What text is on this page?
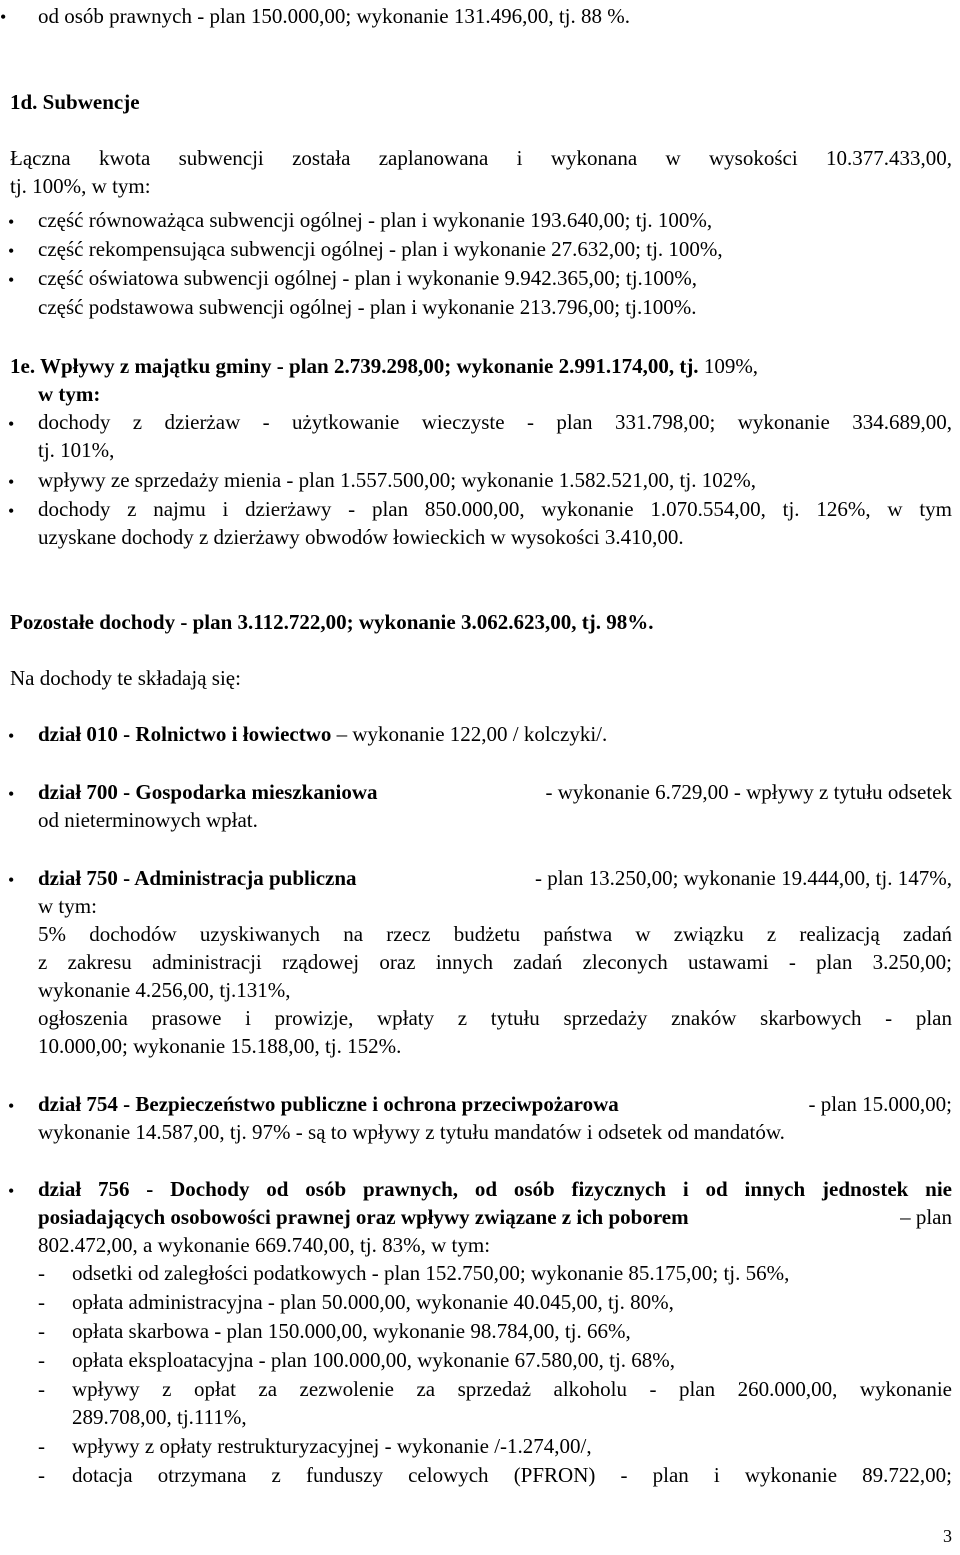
• od osób prawnych - plan 150.000,00; wykonanie 131.496,00, tj. 88 %.
1d. Subwencje
Łączna kwota subwencji została zaplanowana i wykonana w wysokości 10.377.433,00,
tj. 100%, w tym:
• część równoważąca subwencji ogólnej - plan i wykonanie 193.640,00; tj. 100%,
• część rekompensująca subwencji ogólnej - plan i wykonanie 27.632,00; tj. 100%,
• część oświatowa subwencji ogólnej - plan i wykonanie 9.942.365,00; tj.100%,
część podstawowa subwencji ogólnej - plan i wykonanie 213.796,00; tj.100%.
1e. Wpływy z majątku gminy - plan 2.739.298,00; wykonanie 2.991.174,00, tj. 109%,
w tym:
• dochody z dzierżaw - użytkowanie wieczyste - plan 331.798,00; wykonanie 334.689,00,
tj. 101%,
• wpływy ze sprzedaży mienia - plan 1.557.500,00; wykonanie 1.582.521,00, tj. 102%,
• dochody z najmu i dzierżawy - plan 850.000,00, wykonanie 1.070.554,00, tj. 126%, w tym
uzyskane dochody z dzierżawy obwodów łowieckich w wysokości 3.410,00.
Pozostałe dochody - plan 3.112.722,00; wykonanie 3.062.623,00, tj. 98%.
Na dochody te składają się:
• dział 010 - Rolnictwo i łowiectwo – wykonanie 122,00 / kolczyki/.
• dział 700 - Gospodarka mieszkaniowa	- wykonanie 6.729,00 - wpływy z tytułu odsetek
od nieterminowych wpłat.
• dział 750 - Administracja publiczna	- plan 13.250,00; wykonanie 19.444,00, tj. 147%,
w tym:
5% dochodów uzyskiwanych na rzecz budżetu państwa w związku z realizacją zadań
z zakresu administracji rządowej oraz innych zadań zleconych ustawami - plan 3.250,00;
wykonanie 4.256,00, tj.131%,
ogłoszenia prasowe i prowizje, wpłaty z tytułu sprzedaży znaków skarbowych - plan
10.000,00; wykonanie 15.188,00, tj. 152%.
• dział 754 - Bezpieczeństwo publiczne i ochrona przeciwpożarowa	- plan 15.000,00;
wykonanie 14.587,00, tj. 97% - są to wpływy z tytułu mandatów i odsetek od mandatów.
• dział 756 - Dochody od osób prawnych, od osób fizycznych i od innych jednostek nie
posiadających osobowości prawnej oraz wpływy związane z ich poborem	– plan
802.472,00, a wykonanie 669.740,00, tj. 83%, w tym:
- odsetki od zaległości podatkowych - plan 152.750,00; wykonanie 85.175,00; tj. 56%,
- opłata administracyjna - plan 50.000,00, wykonanie 40.045,00, tj. 80%,
- opłata skarbowa - plan 150.000,00, wykonanie 98.784,00, tj. 66%,
- opłata eksploatacyjna - plan 100.000,00, wykonanie 67.580,00, tj. 68%,
- wpływy z opłat za zezwolenie za sprzedaż alkoholu - plan 260.000,00, wykonanie
289.708,00, tj.111%,
- wpływy z opłaty restrukturyzacyjnej - wykonanie /-1.274,00/,
- dotacja otrzymana z funduszy celowych (PFRON) - plan i wykonanie 89.722,00;
3
